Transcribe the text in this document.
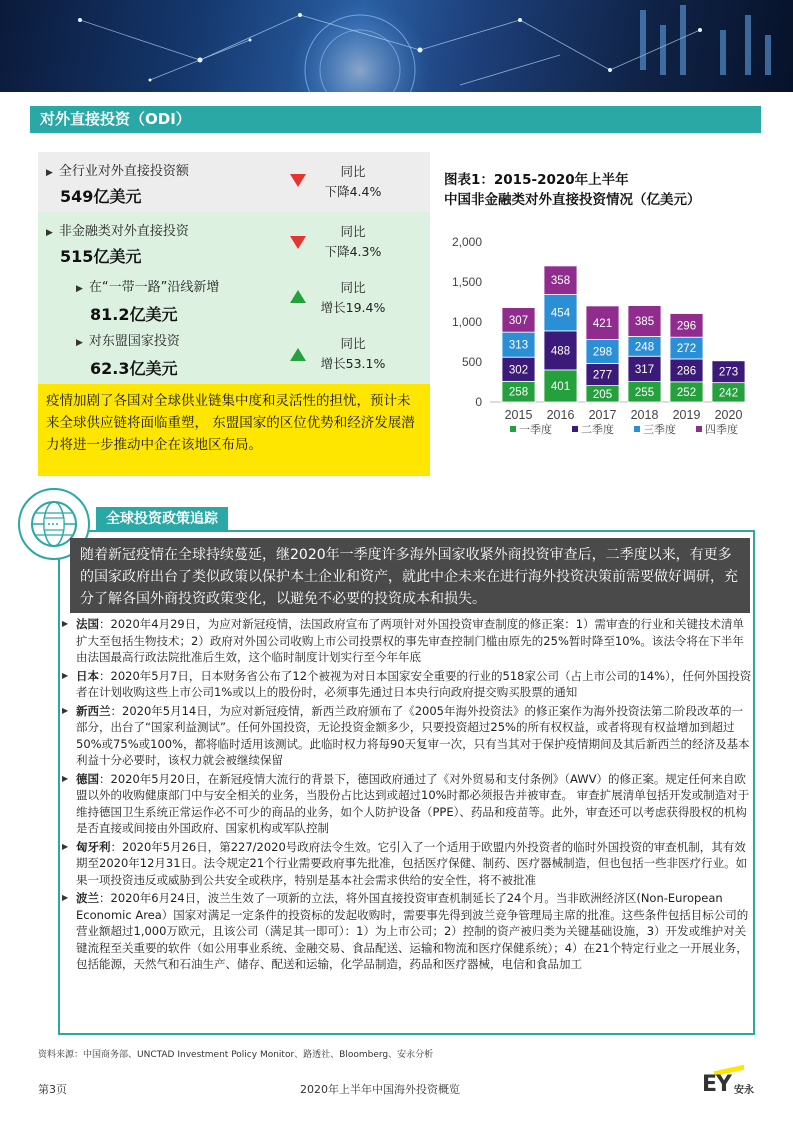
对外直接投资（ODI）
▶ 全行业对外直接投资额
549亿美元
同比
下降4.4%
▶ 非金融类对外直接投资
515亿美元
同比
下降4.3%
▶ 在“一带一路”沿线新增
81.2亿美元
同比
增长19.4%
▶ 对东盟国家投资
62.3亿美元
同比
增长53.1%
疫情加剧了各国对全球供业链集中度和灵活性的担忧，预计未来全球供应链将面临重塑， 东盟国家的区位优势和经济发展潜力将进一步推动中企在该地区布局。
图表1：2015-2020年上半年
中国非金融类对外直接投资情况（亿美元）
0
500
1,000
1,500
2,000
258
302
313
307
2015
401
488
454
358
2016
205
277
298
421
2017
255
317
248
385
2018
252
286
272
296
2019
242
273
2020
一季度	二季度	三季度	四季度
全球投资政策追踪
随着新冠疫情在全球持续蔓延，继2020年一季度许多海外国家收紧外商投资审查后，二季度以来，有更多的国家政府出台了类似政策以保护本土企业和资产，就此中企未来在进行海外投资决策前需要做好调研，充分了解各国外商投资政策变化，以避免不必要的投资成本和损失。
▶ 法国：2020年4月29日，为应对新冠疫情，法国政府宣布了两项针对外国投资审查制度的修正案：1）需审查的行业和关键技术清单扩大至包括生物技术；2）政府对外国公司收购上市公司投票权的事先审查控制门槛由原先的25%暂时降至10%。该法令将在下半年由法国最高行政法院批准后生效，这个临时制度计划实行至今年年底
▶ 日本：2020年5月7日，日本财务省公布了12个被视为对日本国家安全重要的行业的518家公司（占上市公司的14%），任何外国投资者在计划收购这些上市公司1%或以上的股份时，必须事先通过日本央行向政府提交购买股票的通知
▶ 新西兰：2020年5月14日，为应对新冠疫情，新西兰政府颁布了《2005年海外投资法》的修正案作为海外投资法第二阶段改革的一部分，出台了“国家利益测试”。任何外国投资，无论投资金额多少，只要投资超过25%的所有权权益，或者将现有权益增加到超过50%或75%或100%，都将临时适用该测试。此临时权力将每90天复审一次，只有当其对于保护疫情期间及其后新西兰的经济及基本利益十分必要时，该权力就会被继续保留
▶ 德国：2020年5月20日，在新冠疫情大流行的背景下，德国政府通过了《对外贸易和支付条例》（AWV）的修正案。规定任何来自欧盟以外的收购健康部门中与安全相关的业务，当股份占比达到或超过10%时都必须报告并被审查。 审查扩展清单包括开发或制造对于维持德国卫生系统正常运作必不可少的商品的业务，如个人防护设备（PPE）、药品和疫苗等。此外，审查还可以考虑获得股权的机构是否直接或间接由外国政府、国家机构或军队控制
▶ 匈牙利：2020年5月26日，第227/2020号政府法令生效。它引入了一个适用于欧盟内外投资者的临时外国投资的审查机制，其有效期至2020年12月31日。法令规定21个行业需要政府事先批准，包括医疗保健、制药、医疗器械制造，但也包括一些非医疗行业。如果一项投资违反或威胁到公共安全或秩序，特别是基本社会需求供给的安全性，将不被批准
▶ 波兰：2020年6月24日，波兰生效了一项新的立法，将外国直接投资审查机制延长了24个月。当非欧洲经济区(Non-European Economic Area）国家对满足一定条件的投资标的发起收购时，需要事先得到波兰竞争管理局主席的批准。这些条件包括目标公司的营业额超过1,000万欧元，且该公司（满足其一即可）：1）为上市公司；2）控制的资产被归类为关键基础设施，3）开发或维护对关键流程至关重要的软件（如公用事业系统、金融交易、食品配送、运输和物流和医疗保健系统）；4）在21个特定行业之一开展业务，包括能源，天然气和石油生产、储存、配送和运输，化学品制造，药品和医疗器械，电信和食品加工
资料来源：中国商务部、UNCTAD Investment Policy Monitor、路透社、Bloomberg、安永分析
第3页	2020年上半年中国海外投资概览	EY 安永
